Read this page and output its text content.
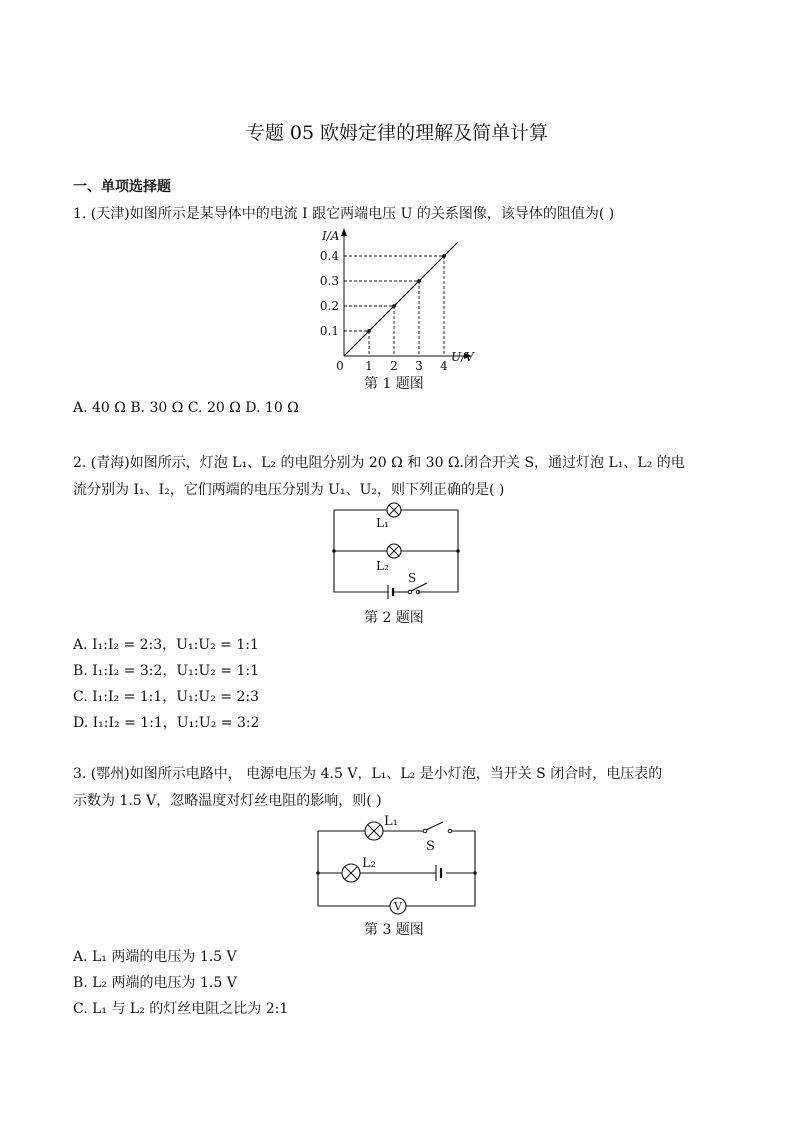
专题 05 欧姆定律的理解及简单计算
一、单项选择题
1. (天津)如图所示是某导体中的电流 I 跟它两端电压 U 的关系图像，该导体的阻值为( )
0 1 2 3 4
0.1
0.2
0.3
0.4
I/A
U/V
第 1 题图
A. 40 Ω B. 30 Ω C. 20 Ω D. 10 Ω
2. (青海)如图所示，灯泡 L₁、L₂ 的电阻分别为 20 Ω 和 30 Ω.闭合开关 S，通过灯泡 L₁、L₂ 的电
流分别为 I₁、I₂，它们两端的电压分别为 U₁、U₂，则下列正确的是( )
L₁
L₂
S
第 2 题图
A. I₁:I₂ = 2:3，U₁:U₂ = 1:1
B. I₁:I₂ = 3:2，U₁:U₂ = 1:1
C. I₁:I₂ = 1:1，U₁:U₂ = 2:3
D. I₁:I₂ = 1:1，U₁:U₂ = 3:2
3. (鄂州)如图所示电路中， 电源电压为 4.5 V，L₁、L₂ 是小灯泡，当开关 S 闭合时，电压表的
示数为 1.5 V，忽略温度对灯丝电阻的影响，则( )
V
L₁
L₂
S
第 3 题图
A. L₁ 两端的电压为 1.5 V
B. L₂ 两端的电压为 1.5 V
C. L₁ 与 L₂ 的灯丝电阻之比为 2:1
